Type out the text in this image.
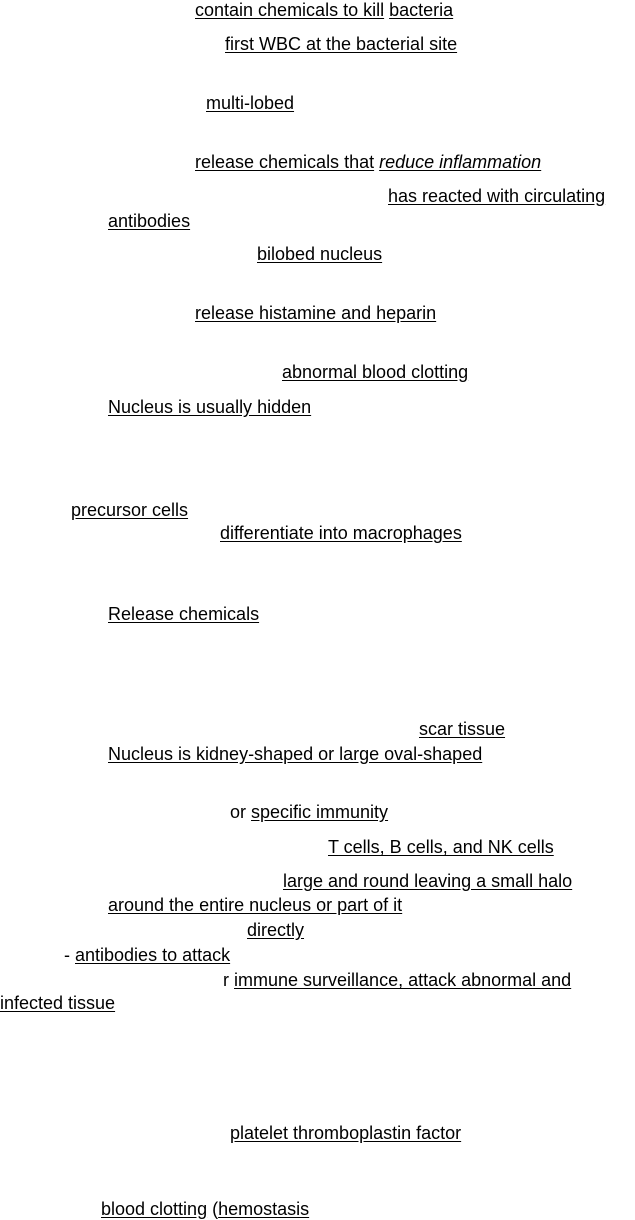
contain chemicals to kill bacteria
first WBC at the bacterial site
multi-lobed
release chemicals that reduce inflammation
has reacted with circulating
antibodies
bilobed nucleus
release histamine and heparin
abnormal blood clotting
Nucleus is usually hidden
precursor cells
differentiate into macrophages
Release chemicals
scar tissue
Nucleus is kidney-shaped or large oval-shaped
or specific immunity
T cells, B cells, and NK cells
large and round leaving a small halo
around the entire nucleus or part of it
directly
- antibodies to attack
r immune surveillance, attack abnormal and
infected tissue
platelet thromboplastin factor
blood clotting (hemostasis
